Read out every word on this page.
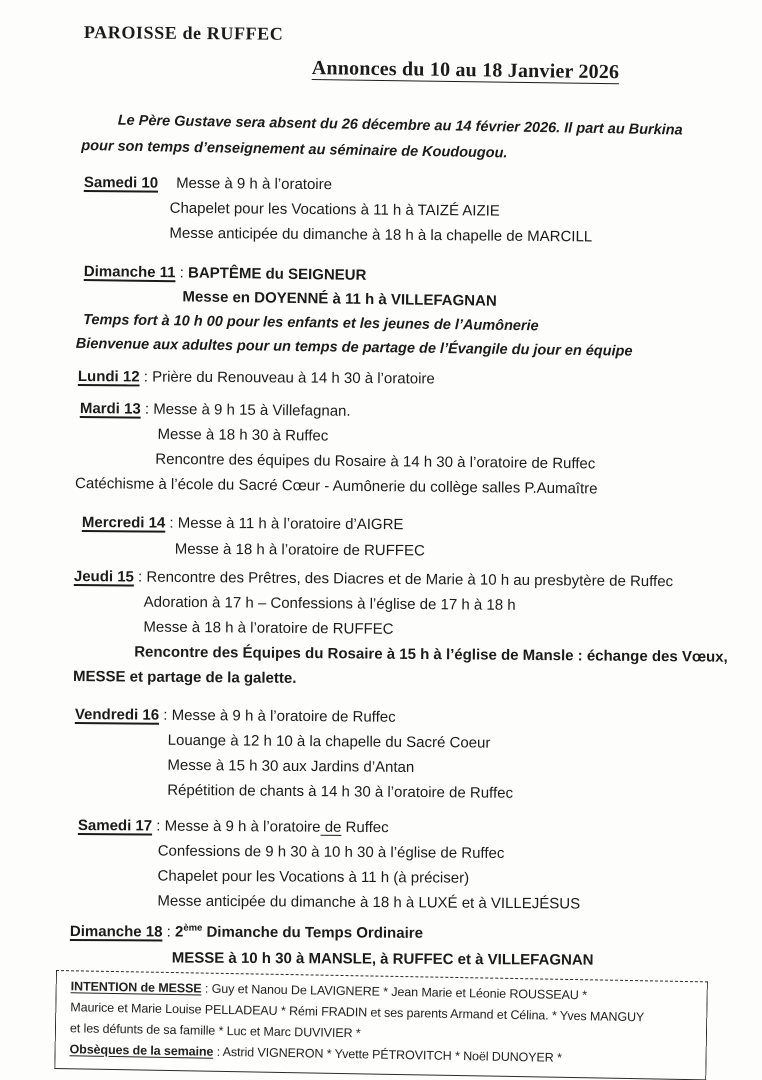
PAROISSE de RUFFEC
Annonces du 10 au 18 Janvier 2026
Le Père Gustave sera absent du 26 décembre au 14 février 2026. Il part au Burkina
pour son temps d’enseignement au séminaire de Koudougou.
Samedi 10 Messe à 9 h à l’oratoire
Chapelet pour les Vocations à 11 h à TAIZÉ AIZIE
Messe anticipée du dimanche à 18 h à la chapelle de MARCILL
Dimanche 11 : BAPTÊME du SEIGNEUR
Messe en DOYENNÉ à 11 h à VILLEFAGNAN
Temps fort à 10 h 00 pour les enfants et les jeunes de l’Aumônerie
Bienvenue aux adultes pour un temps de partage de l’Évangile du jour en équipe
Lundi 12 : Prière du Renouveau à 14 h 30 à l’oratoire
Mardi 13 : Messe à 9 h 15 à Villefagnan.
Messe à 18 h 30 à Ruffec
Rencontre des équipes du Rosaire à 14 h 30 à l’oratoire de Ruffec
Catéchisme à l’école du Sacré Cœur - Aumônerie du collège salles P.Aumaître
Mercredi 14 : Messe à 11 h à l’oratoire d’AIGRE
Messe à 18 h à l’oratoire de RUFFEC
Jeudi 15 : Rencontre des Prêtres, des Diacres et de Marie à 10 h au presbytère de Ruffec
Adoration à 17 h – Confessions à l’église de 17 h à 18 h
Messe à 18 h à l’oratoire de RUFFEC
Rencontre des Équipes du Rosaire à 15 h à l’église de Mansle : échange des Vœux,
MESSE et partage de la galette.
Vendredi 16 : Messe à 9 h à l’oratoire de Ruffec
Louange à 12 h 10 à la chapelle du Sacré Coeur
Messe à 15 h 30 aux Jardins d’Antan
Répétition de chants à 14 h 30 à l’oratoire de Ruffec
Samedi 17 : Messe à 9 h à l’oratoire de Ruffec
Confessions de 9 h 30 à 10 h 30 à l’église de Ruffec
Chapelet pour les Vocations à 11 h (à préciser)
Messe anticipée du dimanche à 18 h à LUXÉ et à VILLEJÉSUS
Dimanche 18 : 2ème Dimanche du Temps Ordinaire
MESSE à 10 h 30 à MANSLE, à RUFFEC et à VILLEFAGNAN
INTENTION de MESSE : Guy et Nanou De LAVIGNERE * Jean Marie et Léonie ROUSSEAU *
Maurice et Marie Louise PELLADEAU * Rémi FRADIN et ses parents Armand et Célina. * Yves MANGUY
et les défunts de sa famille * Luc et Marc DUVIVIER *
Obsèques de la semaine : Astrid VIGNERON * Yvette PÉTROVITCH * Noël DUNOYER *
